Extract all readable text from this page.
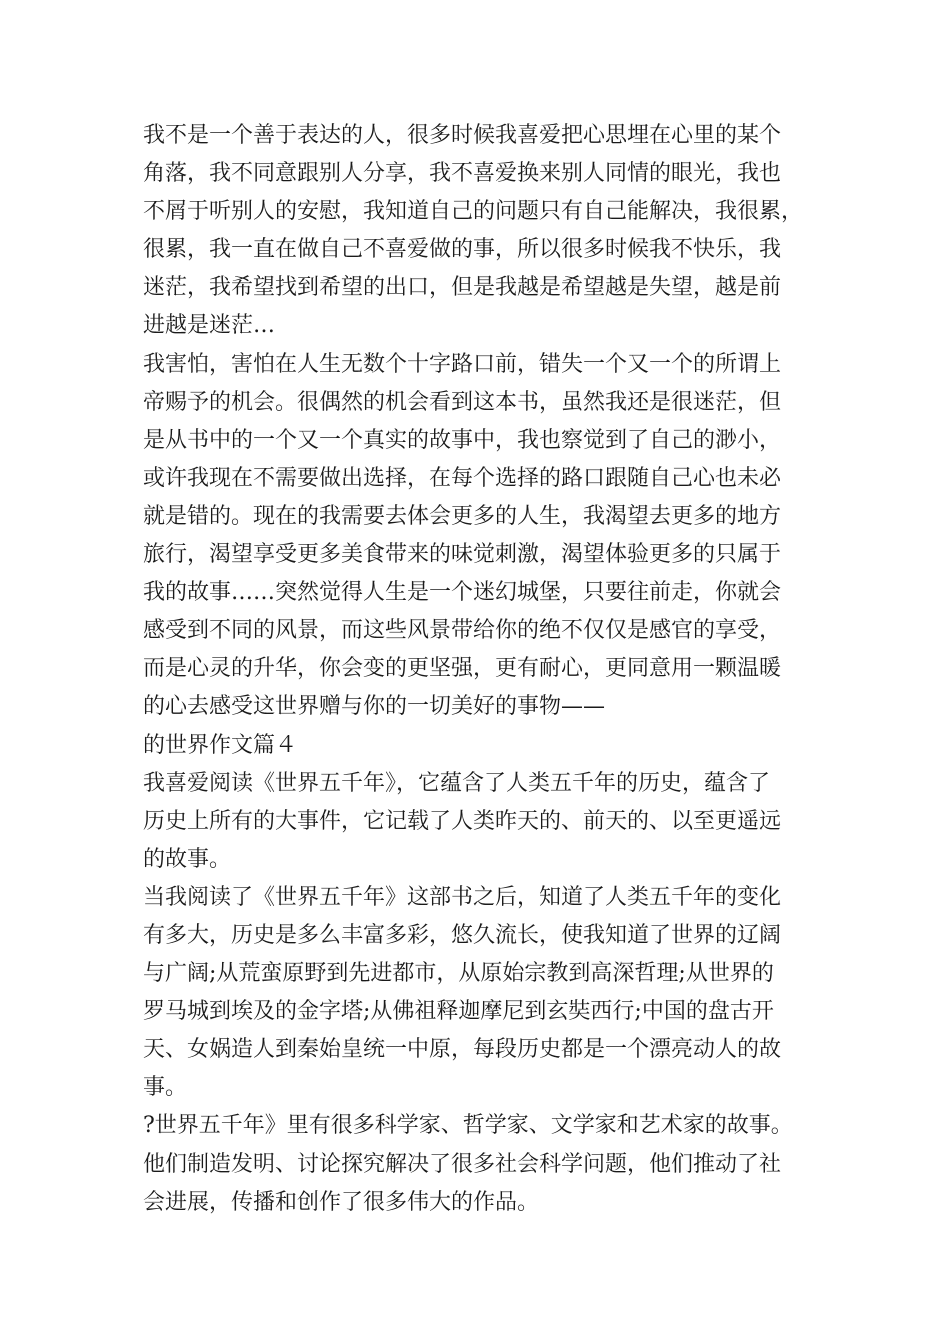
我不是一个善于表达的人，很多时候我喜爱把心思埋在心里的某个
角落，我不同意跟别人分享，我不喜爱换来别人同情的眼光，我也
不屑于听别人的安慰，我知道自己的问题只有自己能解决，我很累，
很累，我一直在做自己不喜爱做的事，所以很多时候我不快乐，我
迷茫，我希望找到希望的出口，但是我越是希望越是失望，越是前
进越是迷茫…
我害怕，害怕在人生无数个十字路口前，错失一个又一个的所谓上
帝赐予的机会。很偶然的机会看到这本书，虽然我还是很迷茫，但
是从书中的一个又一个真实的故事中，我也察觉到了自己的渺小，
或许我现在不需要做出选择，在每个选择的路口跟随自己心也未必
就是错的。现在的我需要去体会更多的人生，我渴望去更多的地方
旅行，渴望享受更多美食带来的味觉刺激，渴望体验更多的只属于
我的故事……突然觉得人生是一个迷幻城堡，只要往前走，你就会
感受到不同的风景，而这些风景带给你的绝不仅仅是感官的享受，
而是心灵的升华，你会变的更坚强，更有耐心，更同意用一颗温暖
的心去感受这世界赠与你的一切美好的事物——
的世界作文篇４
我喜爱阅读《世界五千年》，它蕴含了人类五千年的历史，蕴含了
历史上所有的大事件，它记载了人类昨天的、前天的、以至更遥远
的故事。
当我阅读了《世界五千年》这部书之后，知道了人类五千年的变化
有多大，历史是多么丰富多彩，悠久流长，使我知道了世界的辽阔
与广阔;从荒蛮原野到先进都市，从原始宗教到高深哲理;从世界的
罗马城到埃及的金字塔;从佛祖释迦摩尼到玄奘西行;中国的盘古开
天、女娲造人到秦始皇统一中原，每段历史都是一个漂亮动人的故
事。
?世界五千年》里有很多科学家、哲学家、文学家和艺术家的故事。
他们制造发明、讨论探究解决了很多社会科学问题，他们推动了社
会进展，传播和创作了很多伟大的作品。
